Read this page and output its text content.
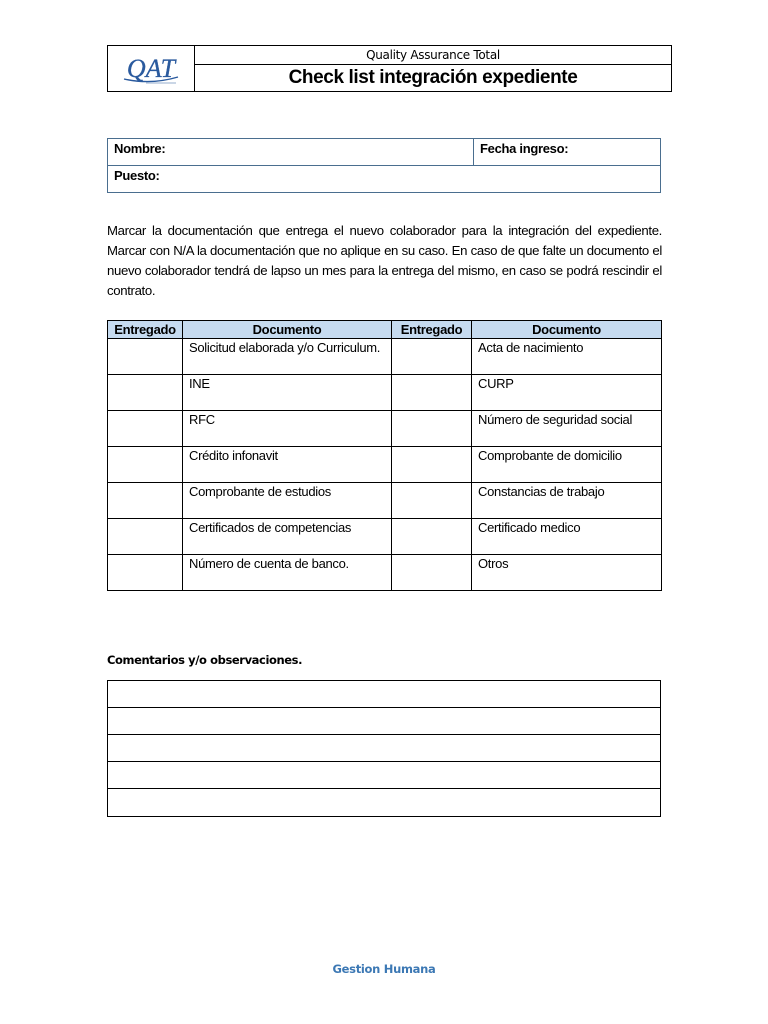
QAT	Quality Assurance Total
Check list integración expediente
Nombre:	Fecha ingreso:
Puesto:
Marcar la documentación que entrega el nuevo colaborador para la integración del expediente. Marcar con N/A la documentación que no aplique en su caso. En caso de que falte un documento el nuevo colaborador tendrá de lapso un mes para la entrega del mismo, en caso se podrá rescindir el contrato.
Entregado	Documento	Entregado	Documento
	Solicitud elaborada y/o Curriculum.		Acta de nacimiento
	INE		CURP
	RFC		Número de seguridad social
	Crédito infonavit		Comprobante de domicilio
	Comprobante de estudios		Constancias de trabajo
	Certificados de competencias		Certificado medico
	Número de cuenta de banco.		Otros
Comentarios y/o observaciones.
Gestion Humana
